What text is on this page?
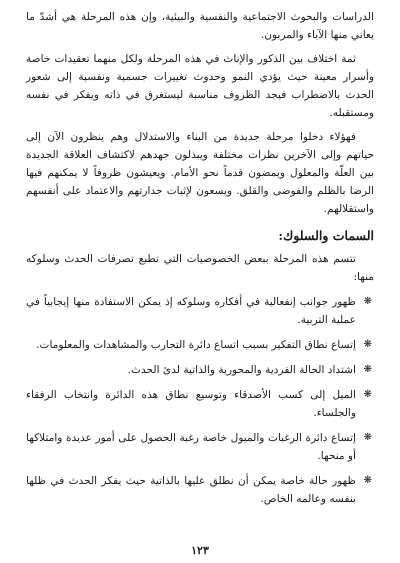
الدراسات والبحوث الاجتماعية والنفسية والبيئية، وإن هذه المرحلة هي أشدّ ما يعاني منها الآباء والمربون.

ثمة اختلاف بين الذكور والإناث في هذه المرحلة ولكل منهما تعقيدات خاصة وأسرار معينة حيث يؤدي النمو وحدوث تغييرات جسمية ونفسية إلى شعور الحدث بالاضطراب فيجد الظروف مناسبة ليستغرق في ذاته ويفكر في نفسه ومستقبله.

فهؤلاء دخلوا مرحلة جديدة من البناء والاستدلال وهم ينظرون الآن إلى حياتهم وإلى الآخرين نظرات مختلفة ويبذلون جهدهم لاكتشاف العلاقة الجديدة بين العلّة والمعلول ويمضون قدماً نحو الأمام. ويعيشون ظروفاً لا يمكنهم فيها الرضا بالظلم والفوضى والقلق. ويسعون لإثبات جدارتهم والاعتماد على أنفسهم واستقلالهم.

السمات والسلوك:

تتسم هذه المرحلة ببعض الخصوصيات التي تطبع تصرفات الحدث وسلوكه منها:

❋
ظهور جوانب إنفعالية في أفكاره وسلوكه إذ يمكن الاستفادة منها إيجابياً في عملية التربية.
❋
إتساع نطاق التفكير بسبب اتساع دائرة التجارب والمشاهدات والمعلومات.
❋
اشتداد الحالة الفردية والمحورية والذاتية لدئ الحدث.
❋
الميل إلى كسب الأصدقاء وتوسيع نطاق هذه الدائرة وانتخاب الرفقاء والجلساء.
❋
إتساع دائرة الرغبات والميول خاصة رغبة الحصول على أمور عديدة وامتلاكها أو منحها.
❋
ظهور حالة خاصة يمكن أن نطلق عليها بالذاتية حيث يفكر الحدث في ظلها بنفسه وعالمه الخاص.
١٢٣
